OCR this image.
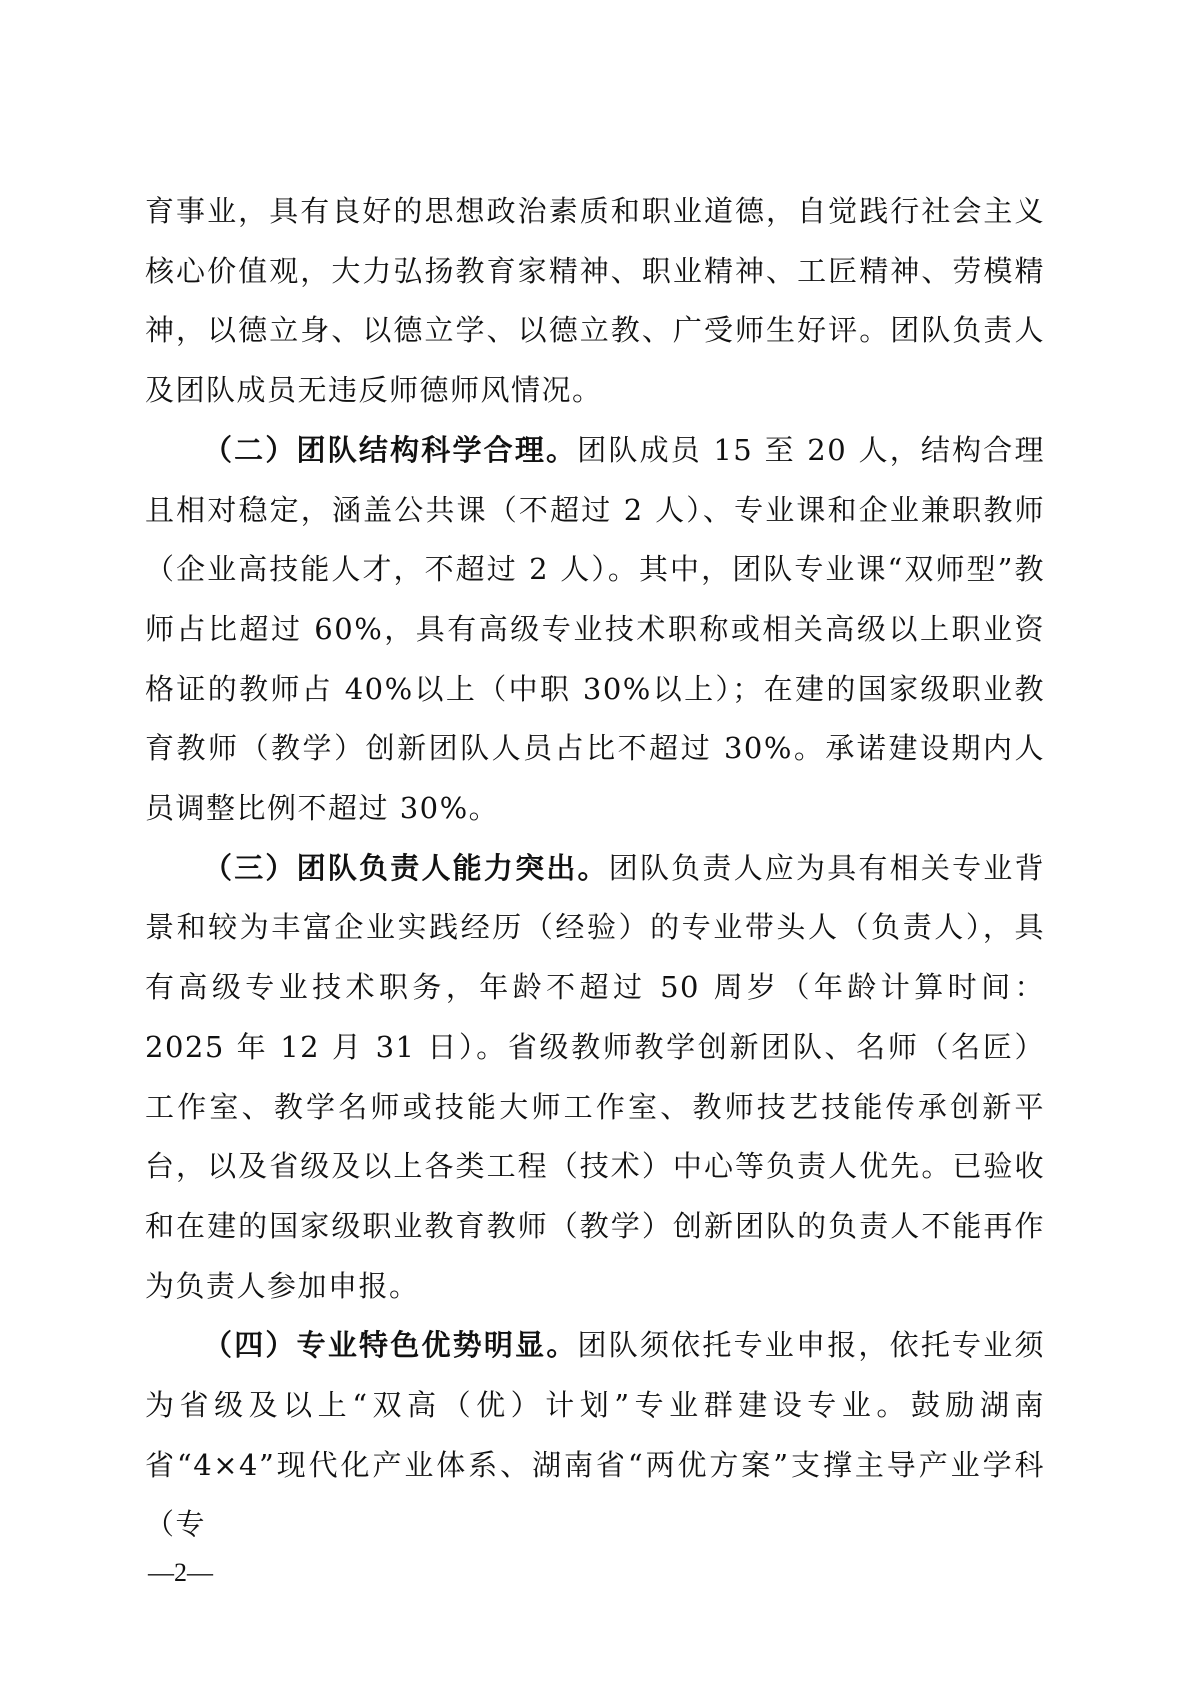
育事业，具有良好的思想政治素质和职业道德，自觉践行社会主义核心价值观，大力弘扬教育家精神、职业精神、工匠精神、劳模精神，以德立身、以德立学、以德立教、广受师生好评。团队负责人及团队成员无违反师德师风情况。

（二）团队结构科学合理。团队成员 15 至 20 人，结构合理且相对稳定，涵盖公共课（不超过 2 人）、专业课和企业兼职教师（企业高技能人才，不超过 2 人）。其中，团队专业课“双师型”教师占比超过 60%，具有高级专业技术职称或相关高级以上职业资格证的教师占 40%以上（中职 30%以上）；在建的国家级职业教育教师（教学）创新团队人员占比不超过 30%。承诺建设期内人员调整比例不超过 30%。

（三）团队负责人能力突出。团队负责人应为具有相关专业背景和较为丰富企业实践经历（经验）的专业带头人（负责人），具有高级专业技术职务，年龄不超过 50 周岁（年龄计算时间：2025 年 12 月 31 日）。省级教师教学创新团队、名师（名匠）工作室、教学名师或技能大师工作室、教师技艺技能传承创新平台，以及省级及以上各类工程（技术）中心等负责人优先。已验收和在建的国家级职业教育教师（教学）创新团队的负责人不能再作为负责人参加申报。

（四）专业特色优势明显。团队须依托专业申报，依托专业须为省级及以上“双高（优）计划”专业群建设专业。鼓励湖南省“4×4”现代化产业体系、湖南省“两优方案”支撑主导产业学科（专

—2—
